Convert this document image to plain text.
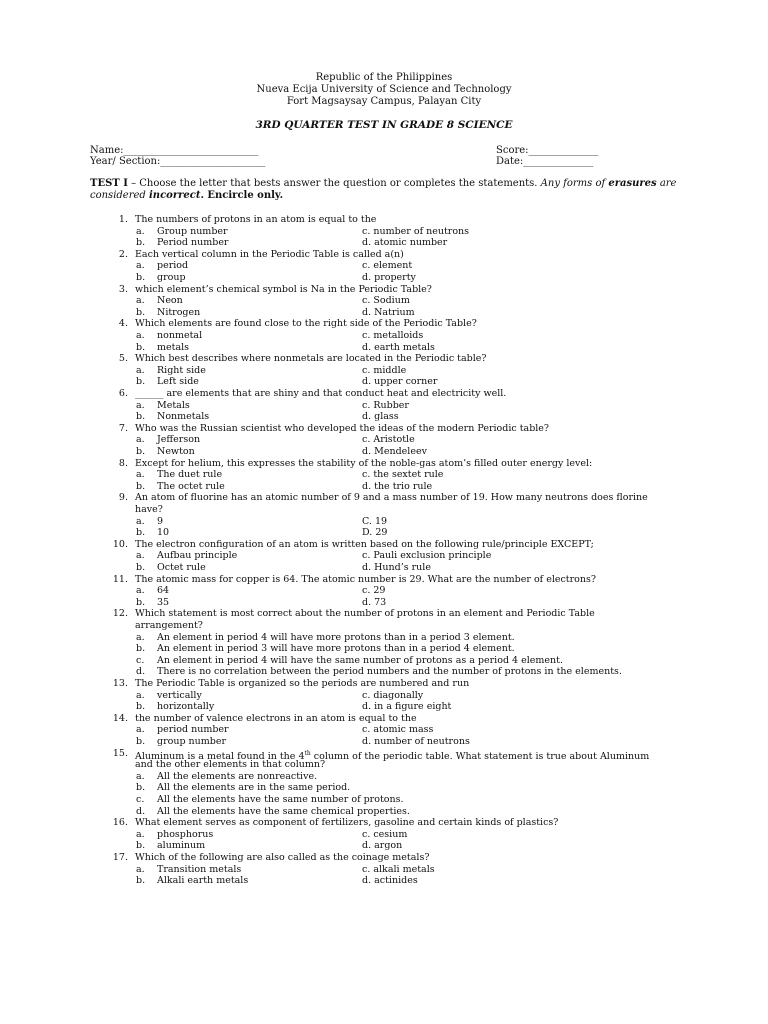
Republic of the Philippines
Nueva Ecija University of Science and Technology
Fort Magsaysay Campus, Palayan City
3RD QUARTER TEST IN GRADE 8 SCIENCE
Name:___________________________
Year/ Section:_____________________
Score:______________
Date:______________
TEST I – Choose the letter that bests answer the question or completes the statements. Any forms of erasures are considered incorrect. Encircle only.
1. The numbers of protons in an atom is equal to the
a. Group number	c. number of neutrons
b. Period number	d. atomic number
2. Each vertical column in the Periodic Table is called a(n)
a. period	c. element
b. group	d. property
3. which element’s chemical symbol is Na in the Periodic Table?
a. Neon	c. Sodium
b. Nitrogen	d. Natrium
4. Which elements are found close to the right side of the Periodic Table?
a. nonmetal	c. metalloids
b. metals	d. earth metals
5. Which best describes where nonmetals are located in the Periodic table?
a. Right side	c. middle
b. Left side	d. upper corner
6. ______ are elements that are shiny and that conduct heat and electricity well.
a. Metals	c. Rubber
b. Nonmetals	d. glass
7. Who was the Russian scientist who developed the ideas of the modern Periodic table?
a. Jefferson	c. Aristotle
b. Newton	d. Mendeleev
8. Except for helium, this expresses the stability of the noble-gas atom’s filled outer energy level:
a. The duet rule	c. the sextet rule
b. The octet rule	d. the trio rule
9. An atom of fluorine has an atomic number of 9 and a mass number of 19. How many neutrons does florine
have?
a. 9	C. 19
b. 10	D. 29
10. The electron configuration of an atom is written based on the following rule/principle EXCEPT;
a. Aufbau principle	c. Pauli exclusion principle
b. Octet rule	d. Hund’s rule
11. The atomic mass for copper is 64. The atomic number is 29. What are the number of electrons?
a. 64	c. 29
b. 35	d. 73
12. Which statement is most correct about the number of protons in an element and Periodic Table
arrangement?
a. An element in period 4 will have more protons than in a period 3 element.
b. An element in period 3 will have more protons than in a period 4 element.
c. An element in period 4 will have the same number of protons as a period 4 element.
d. There is no correlation between the period numbers and the number of protons in the elements.
13. The Periodic Table is organized so the periods are numbered and run
a. vertically	c. diagonally
b. horizontally	d. in a figure eight
14. the number of valence electrons in an atom is equal to the
a. period number	c. atomic mass
b. group number	d. number of neutrons
15. Aluminum is a metal found in the 4th column of the periodic table. What statement is true about Aluminum
and the other elements in that column?
a. All the elements are nonreactive.
b. All the elements are in the same period.
c. All the elements have the same number of protons.
d. All the elements have the same chemical properties.
16. What element serves as component of fertilizers, gasoline and certain kinds of plastics?
a. phosphorus	c. cesium
b. aluminum	d. argon
17. Which of the following are also called as the coinage metals?
a. Transition metals	c. alkali metals
b. Alkali earth metals	d. actinides
